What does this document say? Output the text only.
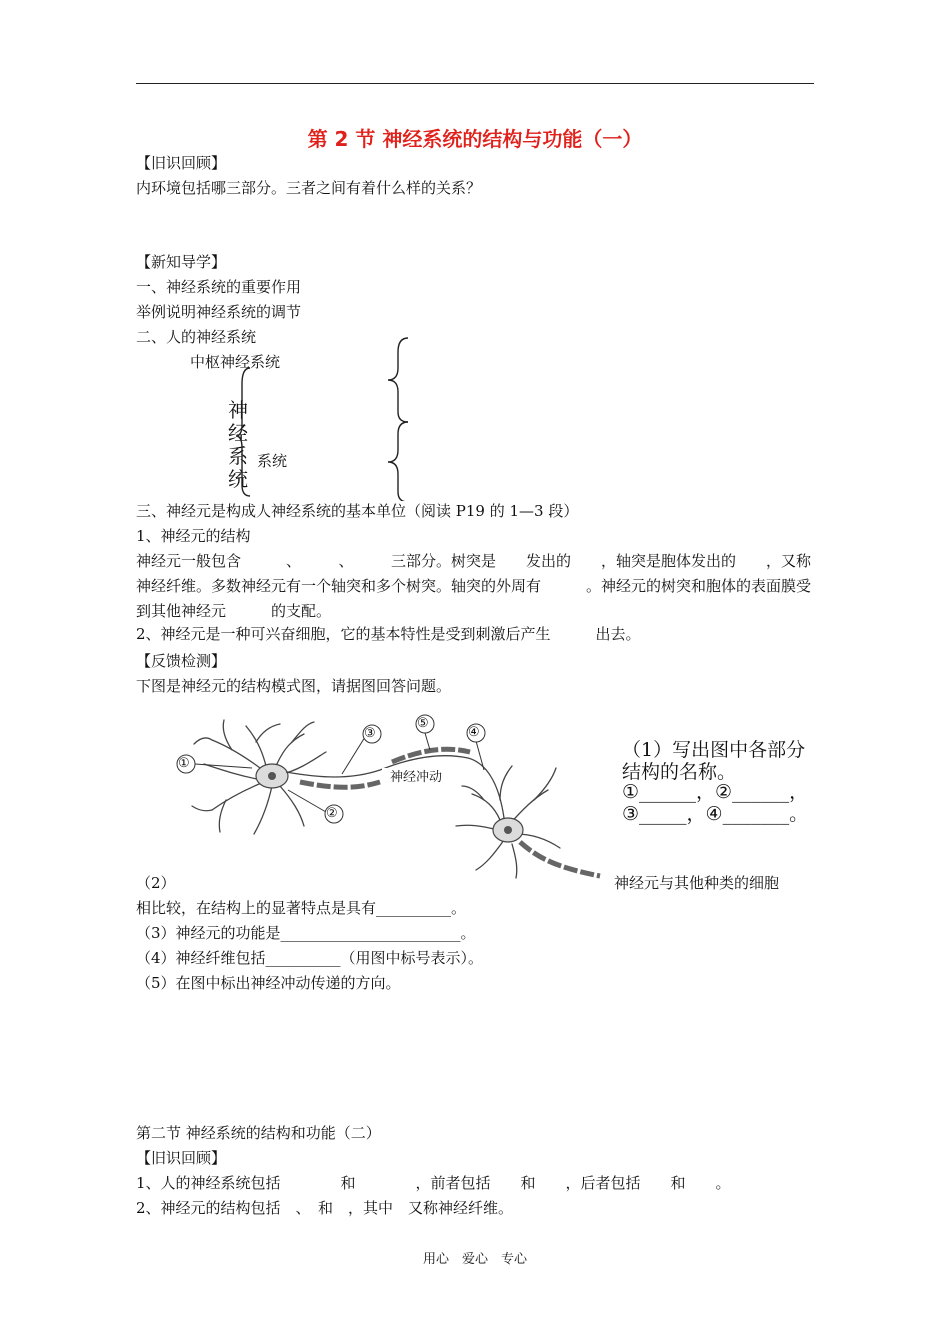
第 2 节 神经系统的结构与功能（一）
【旧识回顾】
内环境包括哪三部分。三者之间有着什么样的关系？
【新知导学】
一、神经系统的重要作用
举例说明神经系统的调节
二、人的神经系统
中枢神经系统
神
经
系
统
系统
三、神经元是构成人神经系统的基本单位（阅读 P19 的 1—3 段）
1、神经元的结构
神经元一般包含　　　、　　　、　　　三部分。树突是　　发出的　　，轴突是胞体发出的　　，又称神经纤维。多数神经元有一个轴突和多个树突。轴突的外周有　　　。神经元的树突和胞体的表面膜受到其他神经元　　　的支配。
2、神经元是一种可兴奋细胞，它的基本特性是受到刺激后产生　　　出去。
【反馈检测】
下图是神经元的结构模式图，请据图回答问题。
①
②
③	④
⑤
神经冲动
（1）写出图中各部分
结构的名称。
①______，②______，
③_____，④_______。
（2）	神经元与其他种类的细胞
相比较，在结构上的显著特点是具有__________。
（3）神经元的功能是________________________。
（4）神经纤维包括__________（用图中标号表示）。
（5）在图中标出神经冲动传递的方向。
第二节 神经系统的结构和功能（二）
【旧识回顾】
1、人的神经系统包括　　　　和　　　　，前者包括　　和　　，后者包括　　和　　。
2、神经元的结构包括　、　和　，其中　又称神经纤维。
用心　爱心　专心
